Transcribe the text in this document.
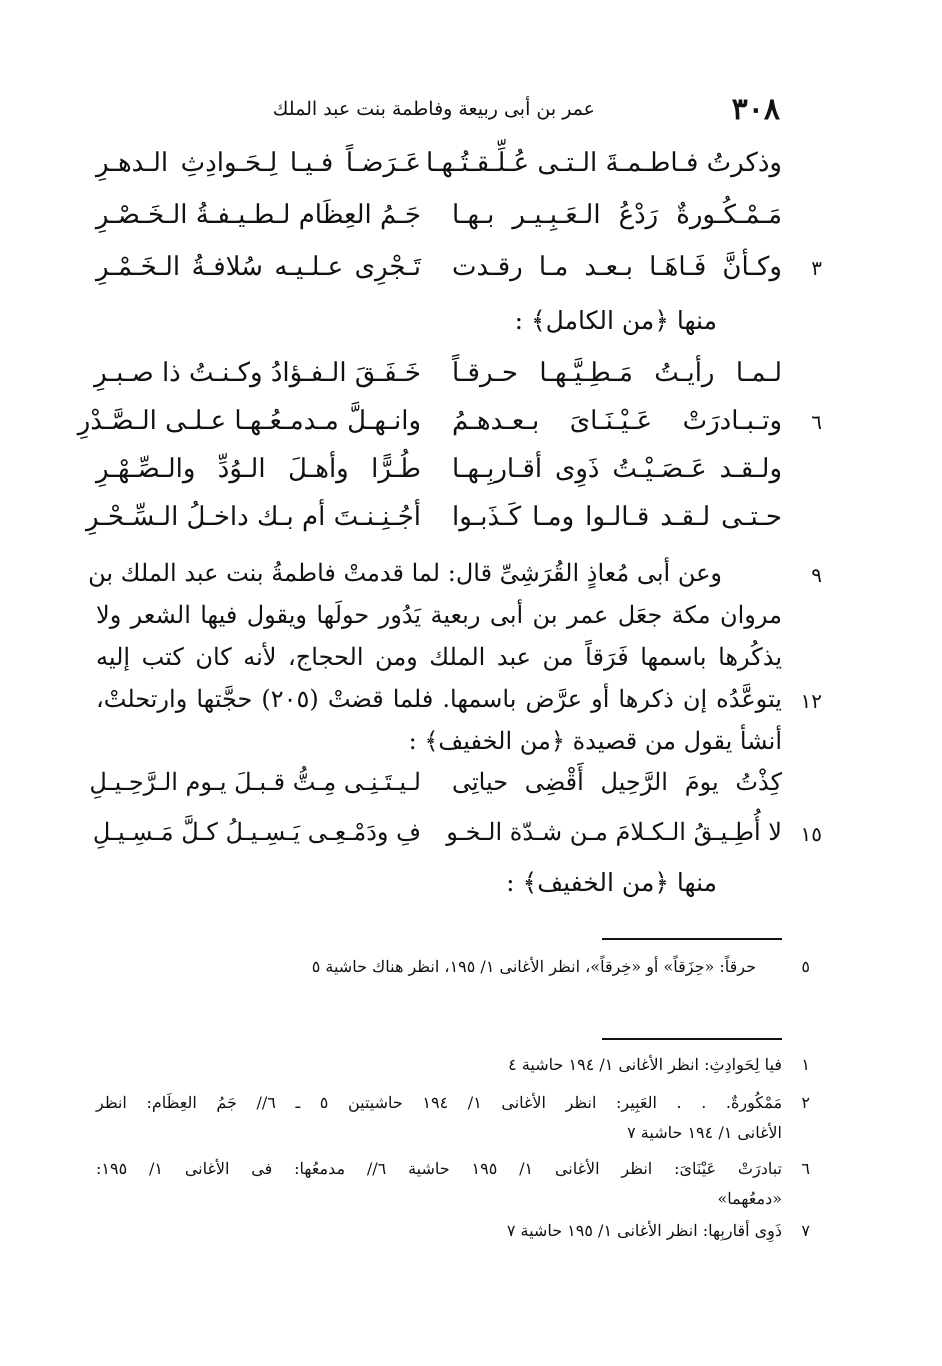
٣٠٨
عمر بن أبى ربيعة وفاطمة بنت عبد الملك
وذكرتُ فـاطـمـةَ الـتـى عُـلِّـقـتُـهـا
عَـرَضـاً فـيـا لِـحَـوادِثِ الـدهـرِ
مَـمْـكُـورةٌ رَدْعُ الـعَـبِـيـر بـهـا
جَـمُ العِظَام لـطـيـفـةُ الـخَـصْـرِ
٣
وكـأنَّ فَـاهَـا بـعـد مـا رقـدت
تَـجْرِى عـلـيـه سُلافـةُ الـخَـمْـرِ
منها ﴿من الكامل﴾ :
لـمـا رأيـتُ مَـطِـيَّـهـا حـرقـاً
خَـفَـقَ الـفـؤادُ وكـنـتُ ذا صـبـرِ
٦
وتـبـادرَتْ عَـيْـنَـاىَ بـعـدهـمُ
وانـهـلَّ مـدمـعُـهـا عـلـى الـصَّـدْرِ
ولـقـد عَـصَـيْـتُ ذَوِى أقـاربِـهـا
طُـرًّا وأهـلَ الـوُدِّ والـصِّـهْـرِ
حـتـى لـقـد قـالـوا ومـا كَـذَبـوا
أجُـنِـنـتَ أم بـك داخـلُ الـسِّـحْـرِ
٩
وعن أبى مُعاذٍ القُرَشِىِّ قال: لما قدمتْ فاطمةُ بنت عبد الملك بن
مروان مكة جعَل عمر بن أبى ربعية يَدُور حولَها ويقول فيها الشعر ولا
يذكُرها باسمها فَرَقاً من عبد الملك ومن الحجاج، لأنه كان كتب إليه
١٢
يتوعَّدُه إن ذكرها أو عرَّض باسمها. فلما قضتْ (٢٠٥) حجَّتها وارتحلتْ،
أنشأ يقول من قصيدة ﴿من الخفيف﴾ :
كِذْتُ يومَ الرَّحِيل أَقْضِى حياتِى
لـيـتَـنِـى مِـتُّ قـبـلَ يـوم الـرَّحِـيـلِ
١٥
لا أُطِـيـقُ الـكـلامَ مـن شـدّة الـخـو
فِ ودَمْـعِـى يَـسِـيـلُ كـلَّ مَـسِـيـلِ
منها ﴿من الخفيف﴾ :
٥
حرقاً: «حِزَقاً» أو «خِرقاً»، انظر الأغانى ١/ ١٩٥، انظر هناك حاشية ٥
١
فيا لِحَوادِثِ: انظر الأغانى ١/ ١٩٤ حاشية ٤
٢
مَمْكُورةٌ. . . العَبِير: انظر الأغانى ١/ ١٩٤ حاشيتين ٥ ـ ٦// جَمُ العِظَام: انظر
الأغانى ١/ ١٩٤ حاشية ٧
٦
تبادرَتْ عَيْنَاىَ: انظر الأغانى ١/ ١٩٥ حاشية ٦// مدمعُها: فى الأغانى ١/ ١٩٥:
«دمعُهما»
٧
ذَوِى أقاربِها: انظر الأغانى ١/ ١٩٥ حاشية ٧
